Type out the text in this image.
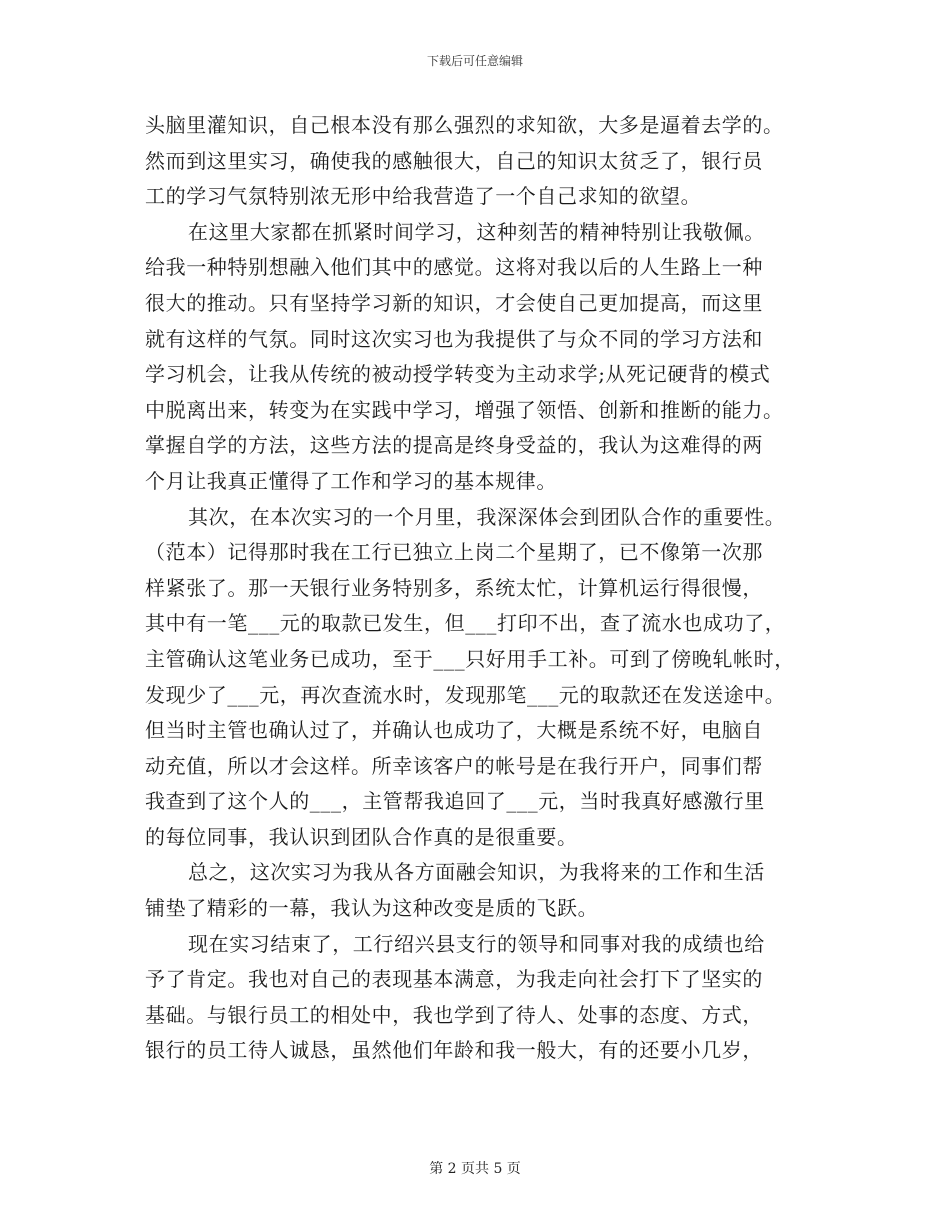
下载后可任意编辑
头脑里灌知识，自己根本没有那么强烈的求知欲，大多是逼着去学的。
然而到这里实习，确使我的感触很大，自己的知识太贫乏了，银行员
工的学习气氛特别浓无形中给我营造了一个自己求知的欲望。
在这里大家都在抓紧时间学习，这种刻苦的精神特别让我敬佩。
给我一种特别想融入他们其中的感觉。这将对我以后的人生路上一种
很大的推动。只有坚持学习新的知识，才会使自己更加提高，而这里
就有这样的气氛。同时这次实习也为我提供了与众不同的学习方法和
学习机会，让我从传统的被动授学转变为主动求学;从死记硬背的模式
中脱离出来，转变为在实践中学习，增强了领悟、创新和推断的能力。
掌握自学的方法，这些方法的提高是终身受益的，我认为这难得的两
个月让我真正懂得了工作和学习的基本规律。
其次，在本次实习的一个月里，我深深体会到团队合作的重要性。
（范本）记得那时我在工行已独立上岗二个星期了，已不像第一次那
样紧张了。那一天银行业务特别多，系统太忙，计算机运行得很慢，
其中有一笔___元的取款已发生，但___打印不出，查了流水也成功了，
主管确认这笔业务已成功，至于___只好用手工补。可到了傍晚轧帐时，
发现少了___元，再次查流水时，发现那笔___元的取款还在发送途中。
但当时主管也确认过了，并确认也成功了，大概是系统不好，电脑自
动充值，所以才会这样。所幸该客户的帐号是在我行开户，同事们帮
我查到了这个人的___，主管帮我追回了___元，当时我真好感激行里
的每位同事，我认识到团队合作真的是很重要。
总之，这次实习为我从各方面融会知识，为我将来的工作和生活
铺垫了精彩的一幕，我认为这种改变是质的飞跃。
现在实习结束了，工行绍兴县支行的领导和同事对我的成绩也给
予了肯定。我也对自己的表现基本满意，为我走向社会打下了坚实的
基础。与银行员工的相处中，我也学到了待人、处事的态度、方式，
银行的员工待人诚恳，虽然他们年龄和我一般大，有的还要小几岁，
第 2 页共 5 页
